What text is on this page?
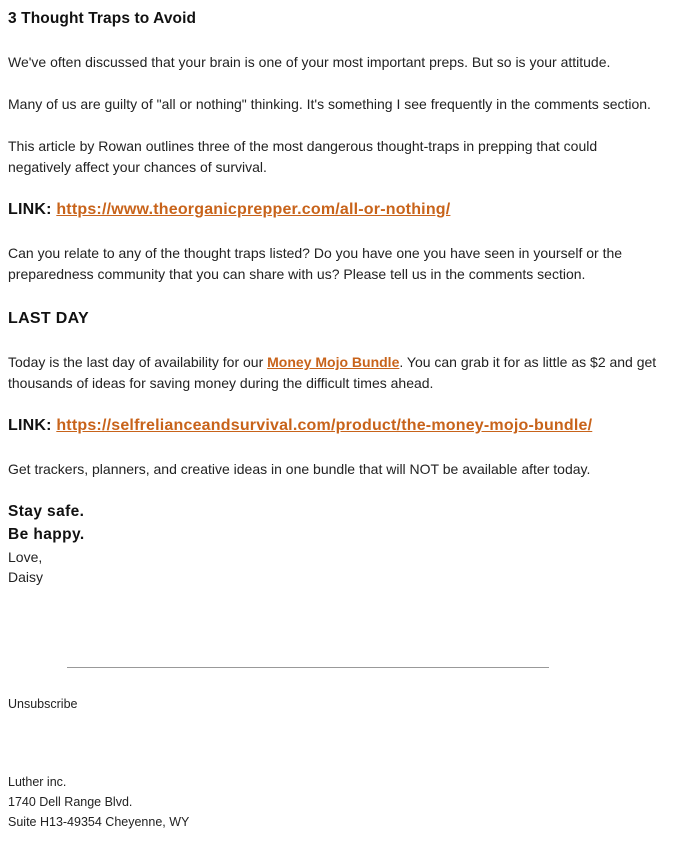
3 Thought Traps to Avoid
We've often discussed that your brain is one of your most important preps. But so is your attitude.
Many of us are guilty of "all or nothing" thinking. It's something I see frequently in the comments section.
This article by Rowan outlines three of the most dangerous thought-traps in prepping that could negatively affect your chances of survival.
LINK: https://www.theorganicprepper.com/all-or-nothing/
Can you relate to any of the thought traps listed? Do you have one you have seen in yourself or the preparedness community that you can share with us? Please tell us in the comments section.
LAST DAY
Today is the last day of availability for our Money Mojo Bundle. You can grab it for as little as $2 and get thousands of ideas for saving money during the difficult times ahead.
LINK: https://selfrelianceandsurvival.com/product/the-money-mojo-bundle/
Get trackers, planners, and creative ideas in one bundle that will NOT be available after today.
Stay safe.
Be happy.
Love,
Daisy
Unsubscribe
Luther inc.
1740 Dell Range Blvd.
Suite H13-49354 Cheyenne, WY
